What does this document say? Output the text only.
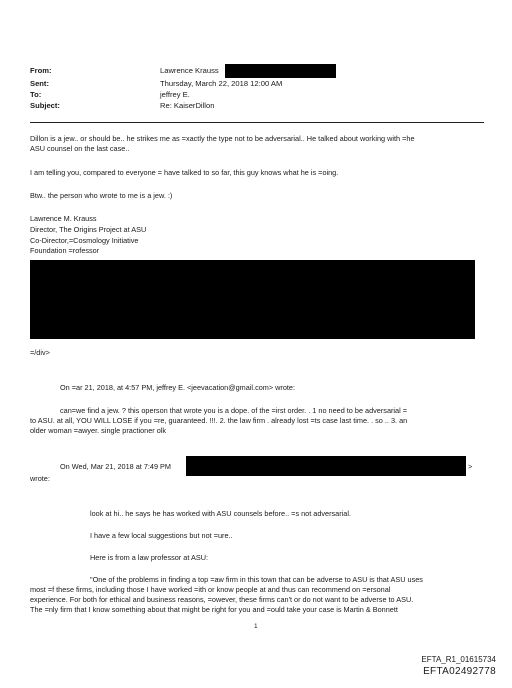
From:	Lawrence Krauss
Sent:	Thursday, March 22, 2018 12:00 AM
To:	jeffrey E.
Subject:	Re: KaiserDillon
Dillon is a jew.. or should be.. he strikes me as =xactly the type not to be adversarial.. He talked about working with =he
ASU counsel on the last case..
I am telling you, compared to everyone = have talked to so far, this guy knows what he is =oing.
Btw.. the person who wrote to me is a jew. :)
Lawrence M. Krauss
Director, The Origins Project at ASU
Co-Director,=Cosmology Initiative
Foundation =rofessor
=/div>
On =ar 21, 2018, at 4:57 PM, jeffrey E. <jeevacation@gmail.com> wrote:
can=we find a jew. ? this operson that wrote you is a dope. of the =irst order. . 1 no need to be adversarial =
to ASU. at all, YOU WILL LOSE if you =re, guaranteed. !!!. 2. the law firm . already lost =ts case last time. . so .. 3. an
older woman =awyer. single practioner olk
On Wed, Mar 21, 2018 at 7:49 PM	>
wrote:
look at hi.. he says he has worked with ASU counsels before.. =s not adversarial.
I have a few local suggestions but not =ure..
Here is from a law professor at ASU:
"One of the problems in finding a top =aw firm in this town that can be adverse to ASU is that ASU uses
most =f these firms, including those I have worked =ith or know people at and thus can recommend on =ersonal
experience. For both for ethical and business reasons, =owever, these firms can't or do not want to be adverse to ASU.
The =nly firm that I know something about that might be right for you and =ould take your case is Martin & Bonnett
1
EFTA_R1_01615734
EFTA02492778
